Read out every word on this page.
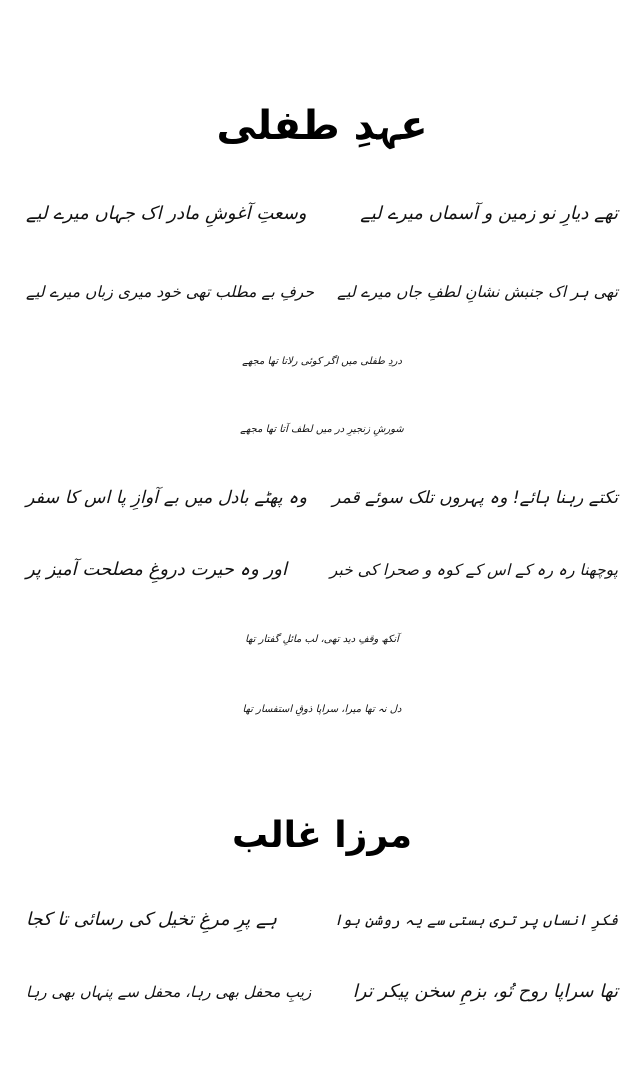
عہدِ طفلی
تھے دیارِ نو زمین و آسماں میرے لیے
وسعتِ آغوشِ مادر اک جہاں میرے لیے
تھی ہر اک جنبش نشانِ لطفِ جاں میرے لیے
حرفِ بے مطلب تھی خود میری زباں میرے لیے
دردِ طفلی میں اگر کوئی رلاتا تھا مجھے
شورشِ زنجیرِ در میں لطف آتا تھا مجھے
تکتے رہنا ہائے! وہ پہروں تلک سوئے قمر
وہ پھٹے بادل میں بے آوازِ پا اس کا سفر
پوچھنا رہ رہ کے اس کے کوہ و صحرا کی خبر
اور وہ حیرت دروغِ مصلحت آمیز پر
آنکھ وقفِ دید تھی، لب مائلِ گفتار تھا
دل نہ تھا میرا، سراپا ذوقِ استفسار تھا
مرزا غالب
فکرِ انساں پر تری ہستی سے یہ روشن ہوا
ہے پرِ مرغِ تخیل کی رسائی تا کجا
تھا سراپا روح تُو، بزمِ سخن پیکر ترا
زیبِ محفل بھی رہا، محفل سے پنہاں بھی رہا
